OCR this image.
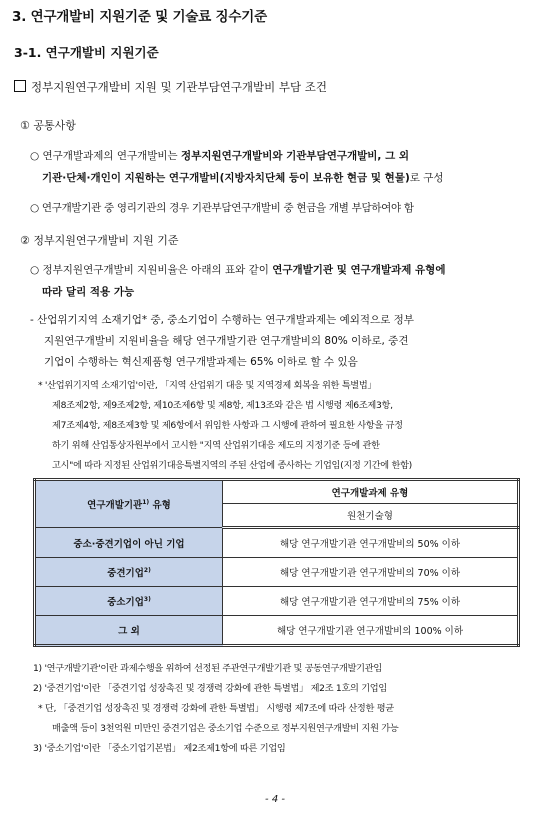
3. 연구개발비 지원기준 및 기술료 징수기준
3-1. 연구개발비 지원기준
정부지원연구개발비 지원 및 기관부담연구개발비 부담 조건
① 공통사항
○ 연구개발과제의 연구개발비는 정부지원연구개발비와 기관부담연구개발비, 그 외
기관·단체·개인이 지원하는 연구개발비(지방자치단체 등이 보유한 현금 및 현물)로 구성
○ 연구개발기관 중 영리기관의 경우 기관부담연구개발비 중 현금을 개별 부담하여야 함
② 정부지원연구개발비 지원 기준
○ 정부지원연구개발비 지원비율은 아래의 표와 같이 연구개발기관 및 연구개발과제 유형에
따라 달리 적용 가능
- 산업위기지역 소재기업* 중, 중소기업이 수행하는 연구개발과제는 예외적으로 정부
지원연구개발비 지원비율을 해당 연구개발기관 연구개발비의 80% 이하로, 중견
기업이 수행하는 혁신제품형 연구개발과제는 65% 이하로 할 수 있음
* '산업위기지역 소재기업'이란, 「지역 산업위기 대응 및 지역경제 회복을 위한 특별법」
제8조제2항, 제9조제2항, 제10조제6항 및 제8항, 제13조와 같은 법 시행령 제6조제3항,
제7조제4항, 제8조제3항 및 제6항에서 위임한 사항과 그 시행에 관하여 필요한 사항을 규정
하기 위해 산업통상자원부에서 고시한 "지역 산업위기대응 제도의 지정기준 등에 관한
고시"에 따라 지정된 산업위기대응특별지역의 주된 산업에 종사하는 기업임(지정 기간에 한함)
연구개발기관$^{1)}$ 유형	연구개발과제 유형
	원천기술형
중소·중견기업이 아닌 기업	해당 연구개발기관 연구개발비의 50% 이하
중견기업$^{2)}$	해당 연구개발기관 연구개발비의 70% 이하
중소기업$^{3)}$	해당 연구개발기관 연구개발비의 75% 이하
그 외	해당 연구개발기관 연구개발비의 100% 이하
1) '연구개발기관'이란 과제수행을 위하여 선정된 주관연구개발기관 및 공동연구개발기관임
2) '중견기업'이란 「중견기업 성장촉진 및 경쟁력 강화에 관한 특별법」 제2조 1호의 기업임
* 단, 「중견기업 성장촉진 및 경쟁력 강화에 관한 특별법」 시행령 제7조에 따라 산정한 평균
매출액 등이 3천억원 미만인 중견기업은 중소기업 수준으로 정부지원연구개발비 지원 가능
3) '중소기업'이란 「중소기업기본법」 제2조제1항에 따른 기업임
- 4 -
